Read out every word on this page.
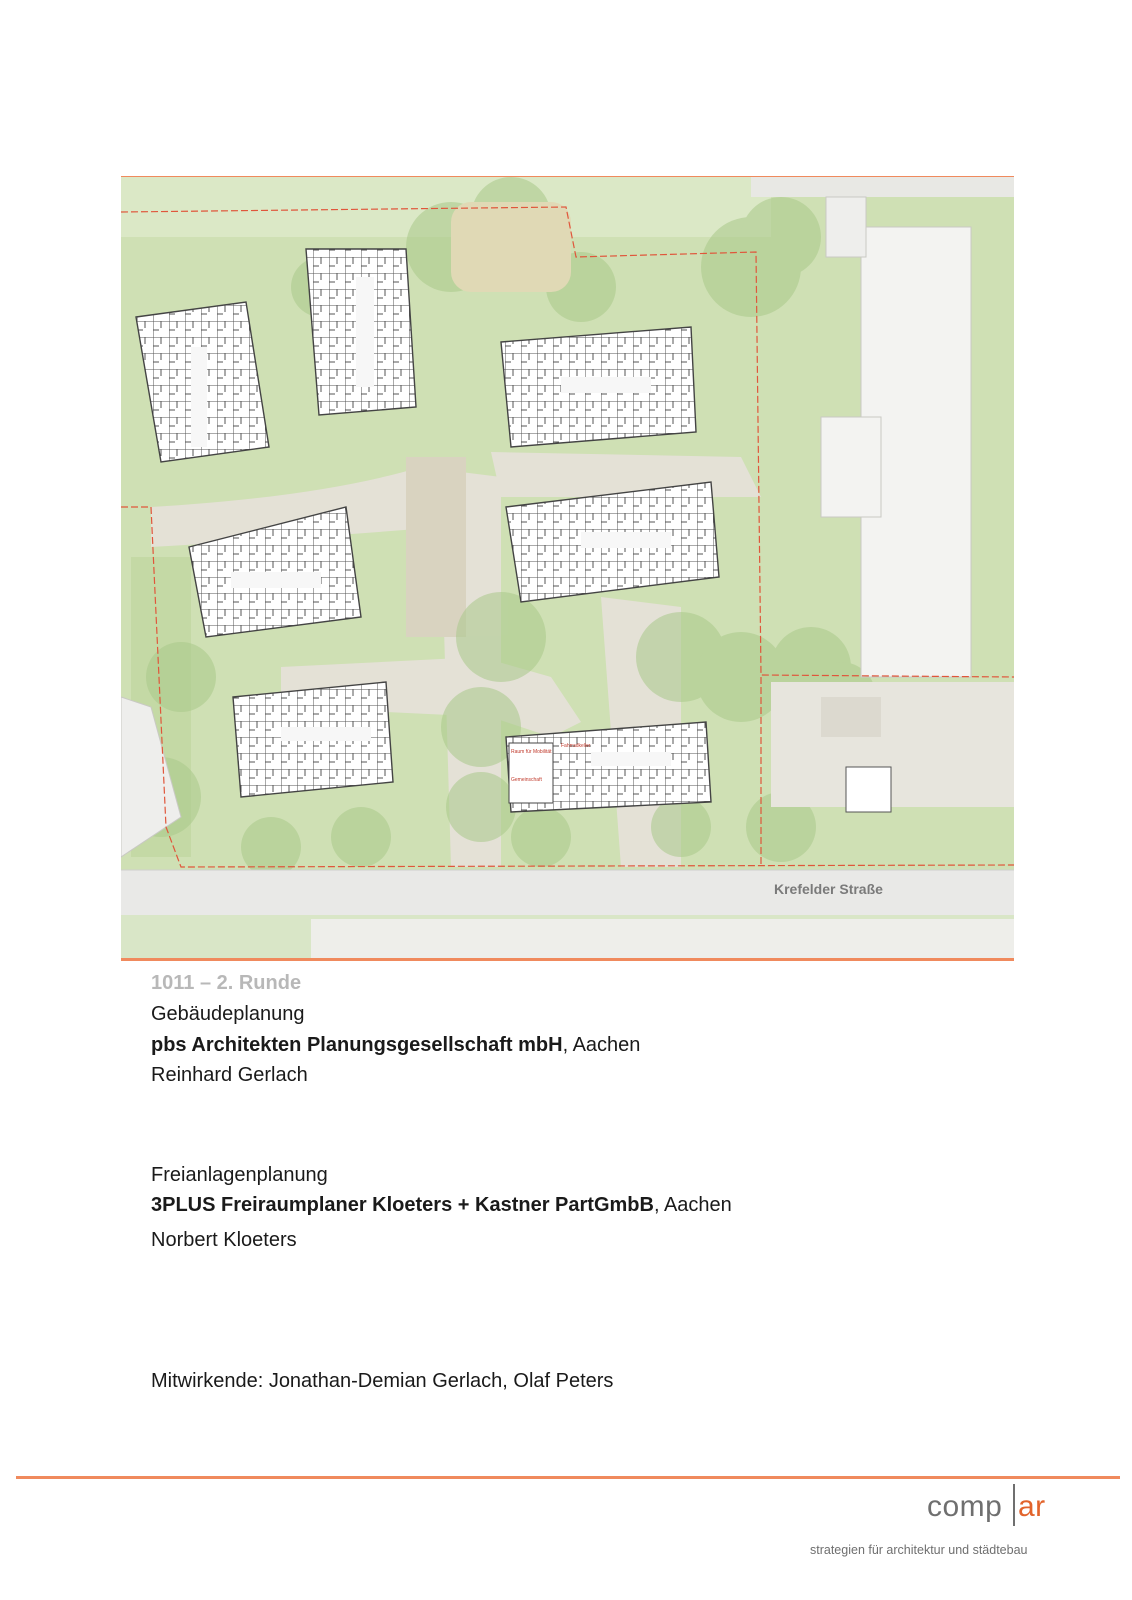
Raum für Mobilität
Gemeinschaft
Fahrradkeller
Krefelder Straße
1011 – 2. Runde
Gebäudeplanung
pbs Architekten Planungsgesellschaft mbH, Aachen
Reinhard Gerlach
Freianlagenplanung
3PLUS Freiraumplaner Kloeters + Kastner PartGmbB, Aachen
Norbert Kloeters
Mitwirkende: Jonathan-Demian Gerlach, Olaf Peters
comp ar
strategien für architektur und städtebau
